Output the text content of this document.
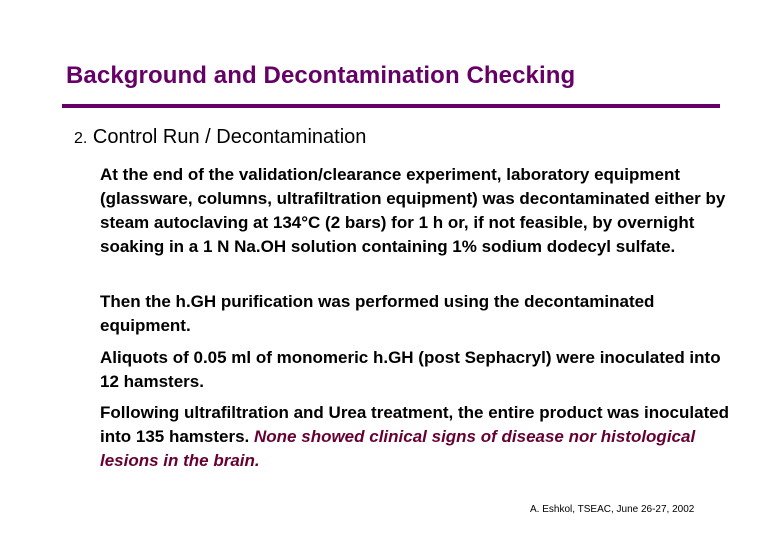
Background and Decontamination Checking
2. Control Run / Decontamination

At the end of the validation/clearance experiment, laboratory equipment (glassware, columns, ultrafiltration equipment) was decontaminated either by steam autoclaving at 134°C (2 bars) for 1 h or, if not feasible, by overnight soaking in a 1 N Na.OH solution containing 1% sodium dodecyl sulfate.

Then the h.GH purification was performed using the decontaminated equipment.

Aliquots of 0.05 ml of monomeric h.GH (post Sephacryl) were inoculated into 12 hamsters.

Following ultrafiltration and Urea treatment, the entire product was inoculated into 135 hamsters. None showed clinical signs of disease nor histological lesions in the brain.

A. Eshkol, TSEAC, June 26-27, 2002
